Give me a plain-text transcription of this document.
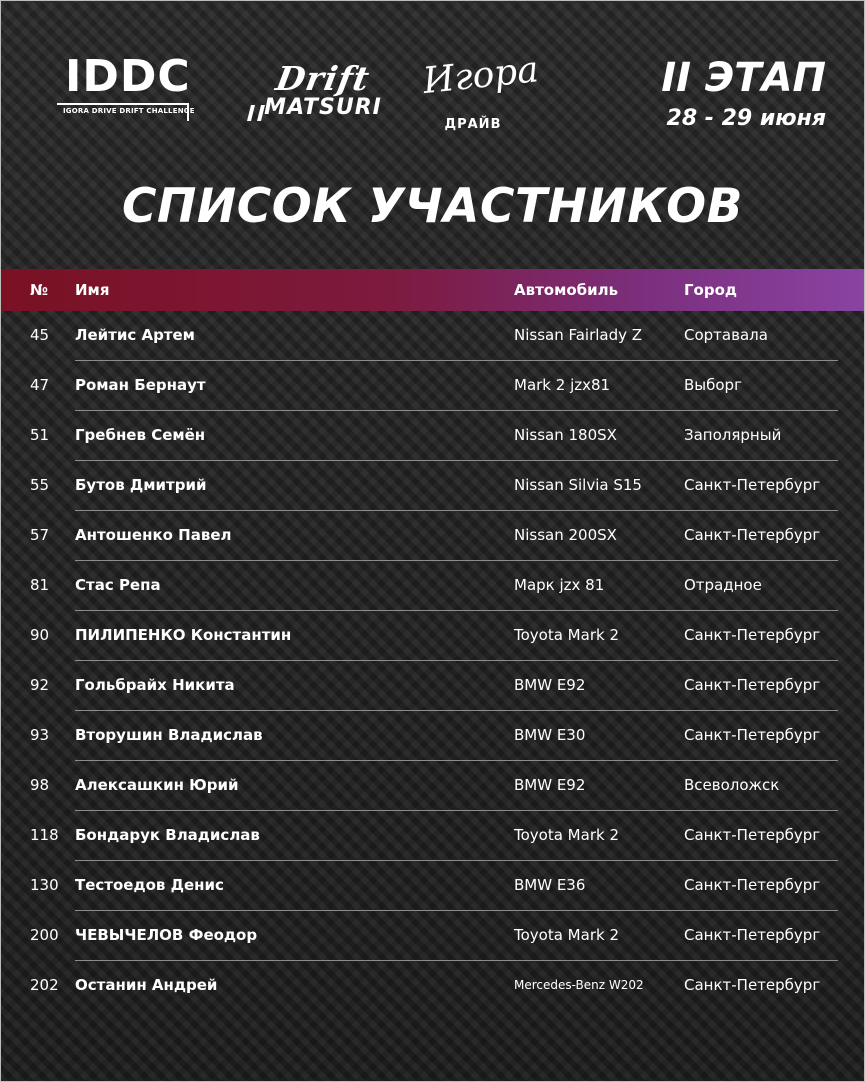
IDDC
IGORA DRIVE DRIFT CHALLENGE
Drift
MATSURI
Игора
ДРАЙВ
II ЭТАП
28 - 29 июня
СПИСОК УЧАСТНИКОВ
№ Имя	Автомобиль	Город
45 Лейтис Артем	Nissan Fairlady Z	Сортавала
47 Роман Бернаут	Mark 2 jzx81	Выборг
51 Гребнев Семён	Nissan 180SX	Заполярный
55 Бутов Дмитрий	Nissan Silvia S15	Санкт-Петербург
57 Антошенко Павел	Nissan 200SX	Санкт-Петербург
81 Стас Репа	Марк jzx 81	Отрадное
90 ПИЛИПЕНКО Константин	Toyota Mark 2	Санкт-Петербург
92 Гольбрайх Никита	BMW E92	Санкт-Петербург
93 Вторушин Владислав	BMW E30	Санкт-Петербург
98 Алексашкин Юрий	BMW E92	Всеволожск
118 Бондарук Владислав	Toyota Mark 2	Санкт-Петербург
130 Тестоедов Денис	BMW E36	Санкт-Петербург
200 ЧЕВЫЧЕЛОВ Феодор	Toyota Mark 2	Санкт-Петербург
202 Останин Андрей	Mercedes-Benz W202	Санкт-Петербург
